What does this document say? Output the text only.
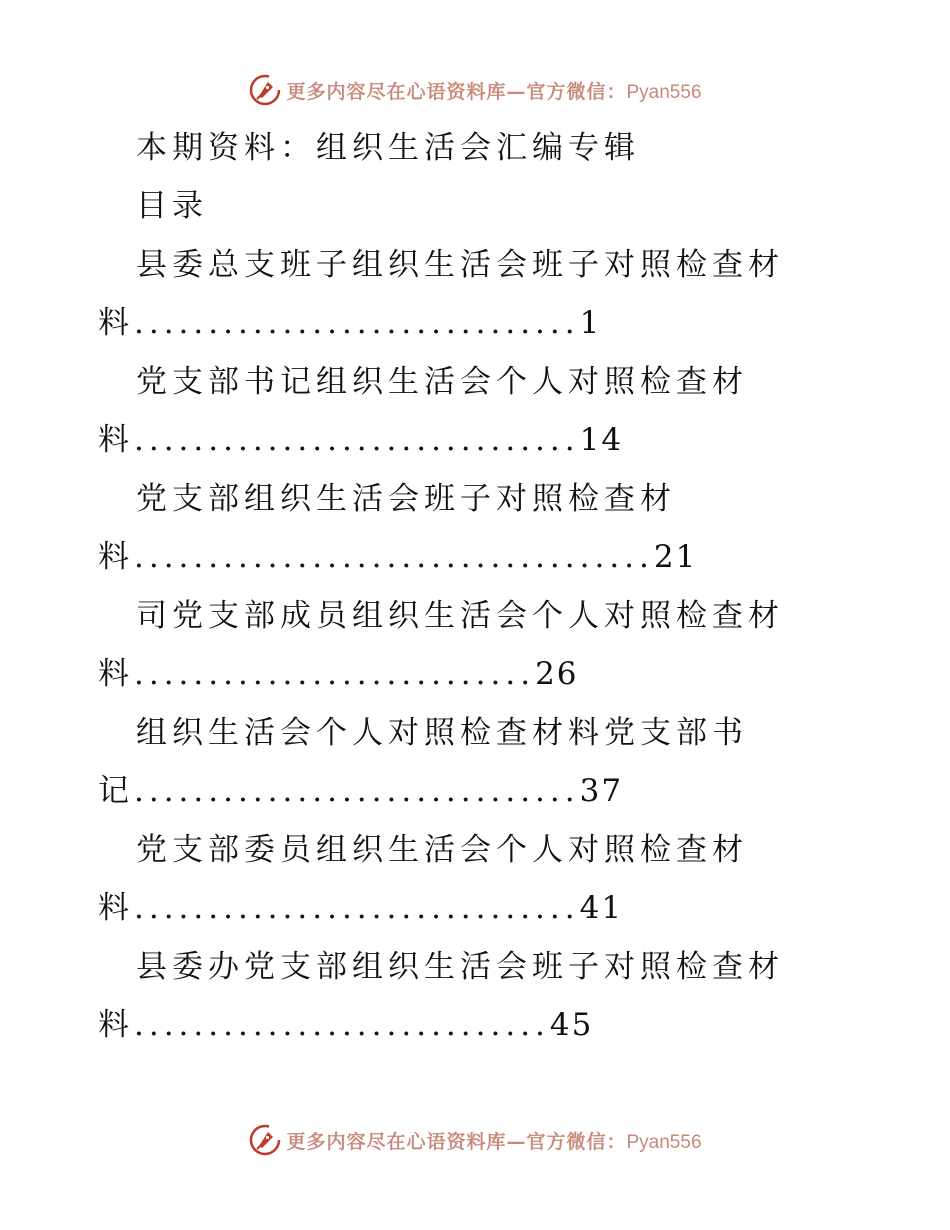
更多内容尽在心语资料库—官方微信：Pyan556
本期资料：组织生活会汇编专辑
目录
县委总支班子组织生活会班子对照检查材
料..............................1
党支部书记组织生活会个人对照检查材
料..............................14
党支部组织生活会班子对照检查材
料...................................21
司党支部成员组织生活会个人对照检查材
料...........................26
组织生活会个人对照检查材料党支部书
记..............................37
党支部委员组织生活会个人对照检查材
料..............................41
县委办党支部组织生活会班子对照检查材
料............................45
更多内容尽在心语资料库—官方微信：Pyan556
